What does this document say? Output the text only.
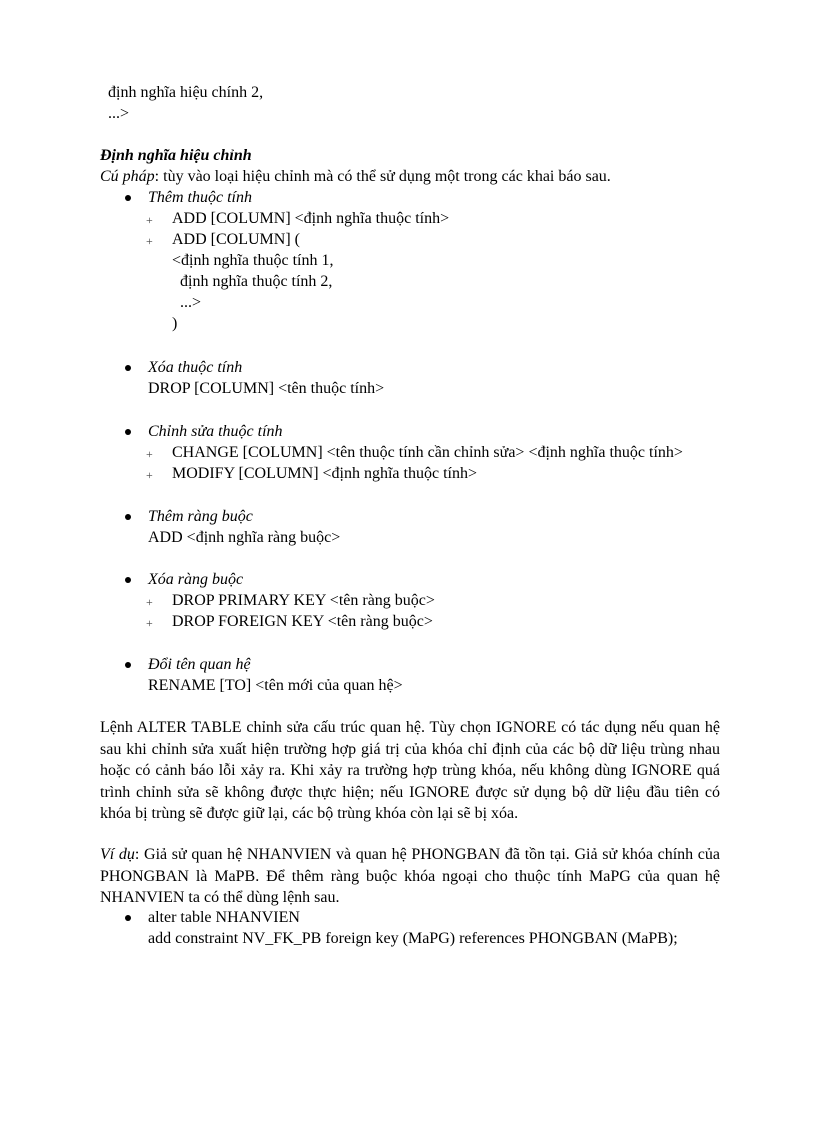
định nghĩa hiệu chính 2,
...>
Định nghĩa hiệu chỉnh
Cú pháp: tùy vào loại hiệu chỉnh mà có thể sử dụng một trong các khai báo sau.
Thêm thuộc tính
+ ADD [COLUMN] <định nghĩa thuộc tính>
+ ADD [COLUMN] (
<định nghĩa thuộc tính 1,
định nghĩa thuộc tính 2,
...>
)
Xóa thuộc tính
DROP [COLUMN] <tên thuộc tính>
Chỉnh sửa thuộc tính
+ CHANGE [COLUMN] <tên thuộc tính cần chỉnh sửa> <định nghĩa thuộc tính>
+ MODIFY [COLUMN] <định nghĩa thuộc tính>
Thêm ràng buộc
ADD <định nghĩa ràng buộc>
Xóa ràng buộc
+ DROP PRIMARY KEY <tên ràng buộc>
+ DROP FOREIGN KEY <tên ràng buộc>
Đổi tên quan hệ
RENAME [TO] <tên mới của quan hệ>
Lệnh ALTER TABLE chỉnh sửa cấu trúc quan hệ. Tùy chọn IGNORE có tác dụng nếu quan hệ sau khi chỉnh sửa xuất hiện trường hợp giá trị của khóa chỉ định của các bộ dữ liệu trùng nhau hoặc có cảnh báo lỗi xảy ra. Khi xảy ra trường hợp trùng khóa, nếu không dùng IGNORE quá trình chỉnh sửa sẽ không được thực hiện; nếu IGNORE được sử dụng bộ dữ liệu đầu tiên có khóa bị trùng sẽ được giữ lại, các bộ trùng khóa còn lại sẽ bị xóa.
Ví dụ: Giả sử quan hệ NHANVIEN và quan hệ PHONGBAN đã tồn tại. Giả sử khóa chính của PHONGBAN là MaPB. Để thêm ràng buộc khóa ngoại cho thuộc tính MaPG của quan hệ NHANVIEN ta có thể dùng lệnh sau.
alter table NHANVIEN
add constraint NV_FK_PB foreign key (MaPG) references PHONGBAN (MaPB);
